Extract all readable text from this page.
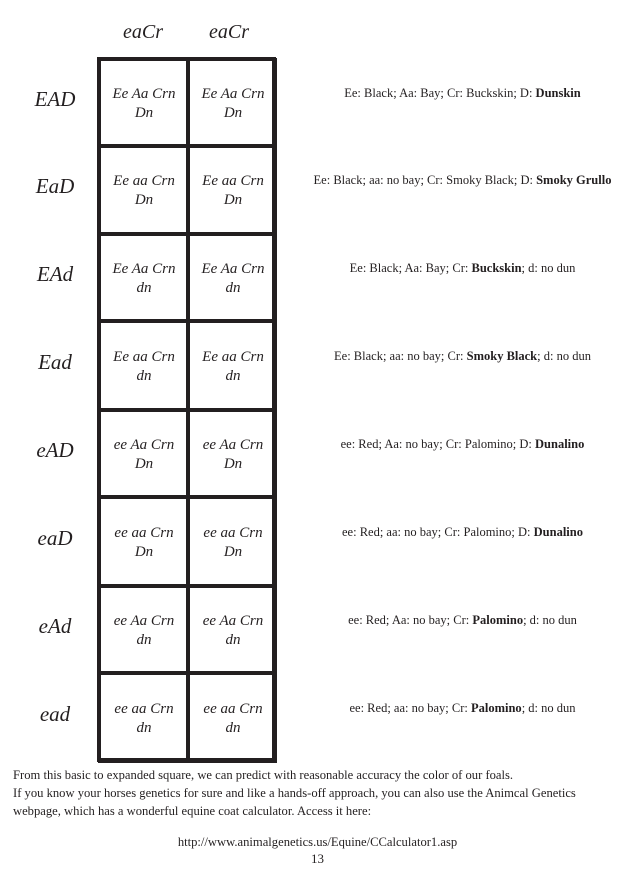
eaCr	eaCr
EAD
EaD
EAd
Ead
eAD
eaD
eAd
ead
Ee Aa Crn
Dn
Ee Aa Crn
Dn
Ee aa Crn
Dn
Ee aa Crn
Dn
Ee Aa Crn
dn
Ee Aa Crn
dn
Ee aa Crn
dn
Ee aa Crn
dn
ee Aa Crn
Dn
ee Aa Crn
Dn
ee aa Crn
Dn
ee aa Crn
Dn
ee Aa Crn
dn
ee Aa Crn
dn
ee aa Crn
dn
ee aa Crn
dn
Ee: Black; Aa: Bay; Cr: Buckskin; D: Dunskin
Ee: Black; aa: no bay; Cr: Smoky Black; D: Smoky Grullo
Ee: Black; Aa: Bay; Cr: Buckskin; d: no dun
Ee: Black; aa: no bay; Cr: Smoky Black; d: no dun
ee: Red; Aa: no bay; Cr: Palomino; D: Dunalino
ee: Red; aa: no bay; Cr: Palomino; D: Dunalino
ee: Red; Aa: no bay; Cr: Palomino; d: no dun
ee: Red; aa: no bay; Cr: Palomino; d: no dun

From this basic to expanded square, we can predict with reasonable accuracy the color of our foals.

If you know your horses genetics for sure and like a hands-off approach, you can also use the Animcal Genetics

webpage, which has a wonderful equine coat calculator. Access it here:

http://www.animalgenetics.us/Equine/CCalculator1.asp
13
